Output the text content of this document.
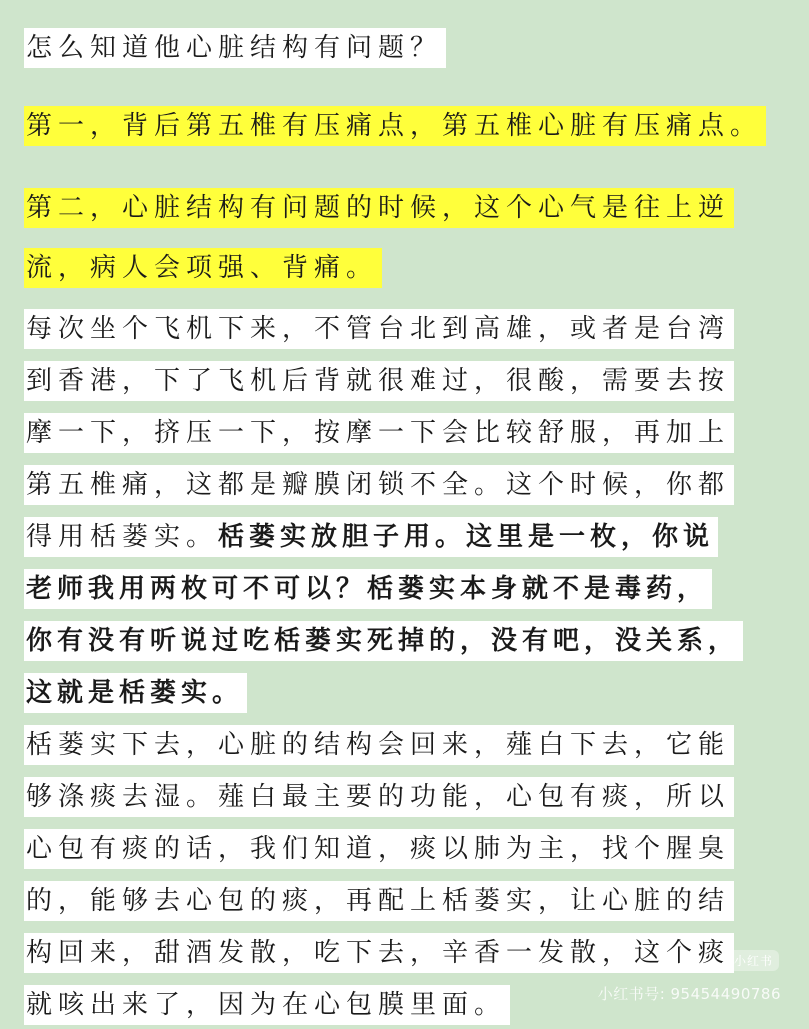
怎么知道他心脏结构有问题？
第一，背后第五椎有压痛点，第五椎心脏有压痛点。
第二，心脏结构有问题的时候，这个心气是往上逆
流，病人会项强、背痛。
每次坐个飞机下来，不管台北到高雄，或者是台湾
到香港，下了飞机后背就很难过，很酸，需要去按
摩一下，挤压一下，按摩一下会比较舒服，再加上
第五椎痛，这都是瓣膜闭锁不全。这个时候，你都
得用栝蒌实。栝蒌实放胆子用。这里是一枚，你说
老师我用两枚可不可以？栝蒌实本身就不是毒药，
你有没有听说过吃栝蒌实死掉的，没有吧，没关系，
这就是栝蒌实。
栝蒌实下去，心脏的结构会回来，薤白下去，它能
够涤痰去湿。薤白最主要的功能，心包有痰，所以
心包有痰的话，我们知道，痰以肺为主，找个腥臭
的，能够去心包的痰，再配上栝蒌实，让心脏的结
构回来，甜酒发散，吃下去，辛香一发散，这个痰
就咳出来了，因为在心包膜里面。
小红书
小红书号: 95454490786
